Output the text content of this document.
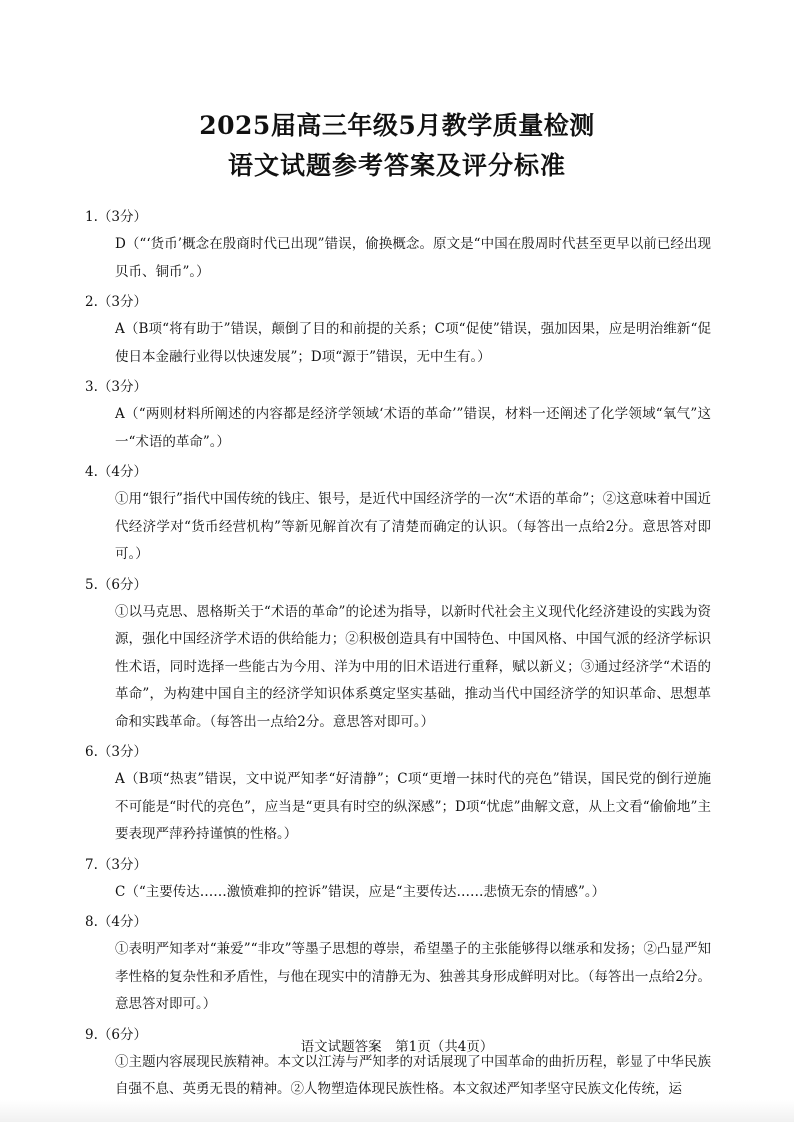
2025届高三年级5月教学质量检测
语文试题参考答案及评分标准
1.（3分）
D（“‘货币’概念在殷商时代已出现”错误，偷换概念。原文是“中国在殷周时代甚至更早以前已经出现贝币、铜币”。）
2.（3分）
A（B项“将有助于”错误，颠倒了目的和前提的关系；C项“促使”错误，强加因果，应是明治维新“促使日本金融行业得以快速发展”；D项“源于”错误，无中生有。）
3.（3分）
A（“两则材料所阐述的内容都是经济学领域‘术语的革命’”错误，材料一还阐述了化学领域“氧气”这一“术语的革命”。）
4.（4分）
①用“银行”指代中国传统的钱庄、银号，是近代中国经济学的一次“术语的革命”；②这意味着中国近代经济学对“货币经营机构”等新见解首次有了清楚而确定的认识。（每答出一点给2分。意思答对即可。）
5.（6分）
①以马克思、恩格斯关于“术语的革命”的论述为指导，以新时代社会主义现代化经济建设的实践为资源，强化中国经济学术语的供给能力；②积极创造具有中国特色、中国风格、中国气派的经济学标识性术语，同时选择一些能古为今用、洋为中用的旧术语进行重释，赋以新义；③通过经济学“术语的革命”，为构建中国自主的经济学知识体系奠定坚实基础，推动当代中国经济学的知识革命、思想革命和实践革命。（每答出一点给2分。意思答对即可。）
6.（3分）
A（B项“热衷”错误，文中说严知孝“好清静”；C项“更增一抹时代的亮色”错误，国民党的倒行逆施不可能是“时代的亮色”，应当是“更具有时空的纵深感”；D项“忧虑”曲解文意，从上文看“偷偷地”主要表现严萍矜持谨慎的性格。）
7.（3分）
C（“主要传达……激愤难抑的控诉”错误，应是“主要传达……悲愤无奈的情感”。）
8.（4分）
①表明严知孝对“兼爱”“非攻”等墨子思想的尊崇，希望墨子的主张能够得以继承和发扬；②凸显严知孝性格的复杂性和矛盾性，与他在现实中的清静无为、独善其身形成鲜明对比。（每答出一点给2分。意思答对即可。）
9.（6分）
①主题内容展现民族精神。本文以江涛与严知孝的对话展现了中国革命的曲折历程，彰显了中华民族自强不息、英勇无畏的精神。②人物塑造体现民族性格。本文叙述严知孝坚守民族文化传统，运
语文试题答案　第1页（共4页）
